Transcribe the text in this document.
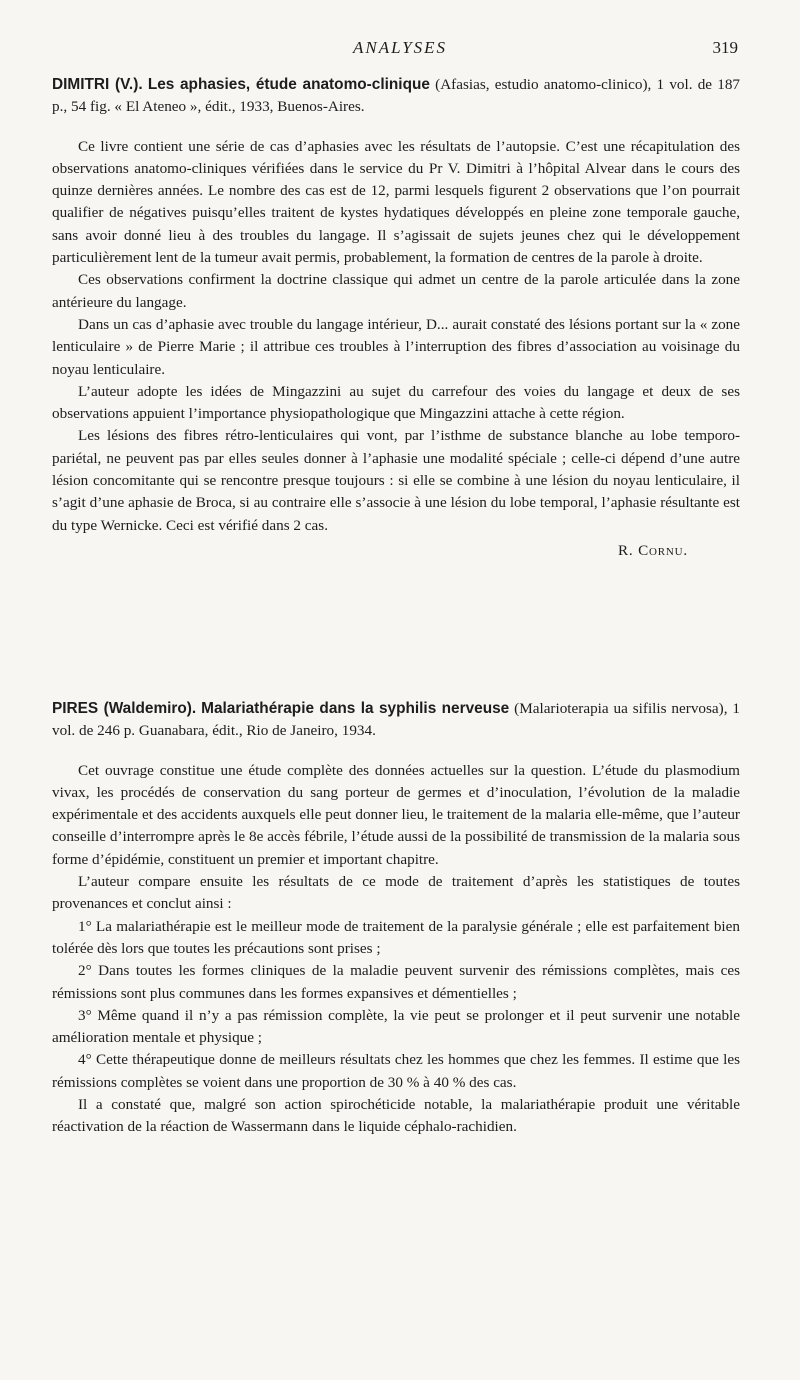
ANALYSES	319

DIMITRI (V.). Les aphasies, étude anatomo-clinique (Afasias, estudio anatomo-clinico), 1 vol. de 187 p., 54 fig. « El Ateneo », édit., 1933, Buenos-Aires.

Ce livre contient une série de cas d’aphasies avec les résultats de l’autopsie. C’est une récapitulation des observations anatomo-cliniques vérifiées dans le service du Pr V. Dimitri à l’hôpital Alvear dans le cours des quinze dernières années. Le nombre des cas est de 12, parmi lesquels figurent 2 observations que l’on pourrait qualifier de négatives puisqu’elles traitent de kystes hydatiques développés en pleine zone temporale gauche, sans avoir donné lieu à des troubles du langage. Il s’agissait de sujets jeunes chez qui le développement particulièrement lent de la tumeur avait permis, probablement, la formation de centres de la parole à droite.

Ces observations confirment la doctrine classique qui admet un centre de la parole articulée dans la zone antérieure du langage.

Dans un cas d’aphasie avec trouble du langage intérieur, D... aurait constaté des lésions portant sur la « zone lenticulaire » de Pierre Marie ; il attribue ces troubles à l’interruption des fibres d’association au voisinage du noyau lenticulaire.

L’auteur adopte les idées de Mingazzini au sujet du carrefour des voies du langage et deux de ses observations appuient l’importance physiopathologique que Mingazzini attache à cette région.

Les lésions des fibres rétro-lenticulaires qui vont, par l’isthme de substance blanche au lobe temporo-pariétal, ne peuvent pas par elles seules donner à l’aphasie une modalité spéciale ; celle-ci dépend d’une autre lésion concomitante qui se rencontre presque toujours : si elle se combine à une lésion du noyau lenticulaire, il s’agit d’une aphasie de Broca, si au contraire elle s’associe à une lésion du lobe temporal, l’aphasie résultante est du type Wernicke. Ceci est vérifié dans 2 cas.

R. Cornu.

PIRES (Waldemiro). Malariathérapie dans la syphilis nerveuse (Malarioterapia ua sifilis nervosa), 1 vol. de 246 p. Guanabara, édit., Rio de Janeiro, 1934.

Cet ouvrage constitue une étude complète des données actuelles sur la question. L’étude du plasmodium vivax, les procédés de conservation du sang porteur de germes et d’inoculation, l’évolution de la maladie expérimentale et des accidents auxquels elle peut donner lieu, le traitement de la malaria elle-même, que l’auteur conseille d’interrompre après le 8e accès fébrile, l’étude aussi de la possibilité de transmission de la malaria sous forme d’épidémie, constituent un premier et important chapitre.

L’auteur compare ensuite les résultats de ce mode de traitement d’après les statistiques de toutes provenances et conclut ainsi :

1° La malariathérapie est le meilleur mode de traitement de la paralysie générale ; elle est parfaitement bien tolérée dès lors que toutes les précautions sont prises ;

2° Dans toutes les formes cliniques de la maladie peuvent survenir des rémissions complètes, mais ces rémissions sont plus communes dans les formes expansives et démentielles ;

3° Même quand il n’y a pas rémission complète, la vie peut se prolonger et il peut survenir une notable amélioration mentale et physique ;

4° Cette thérapeutique donne de meilleurs résultats chez les hommes que chez les femmes. Il estime que les rémissions complètes se voient dans une proportion de 30 % à 40 % des cas.

Il a constaté que, malgré son action spirochéticide notable, la malariathérapie produit une véritable réactivation de la réaction de Wassermann dans le liquide céphalo-rachidien.
